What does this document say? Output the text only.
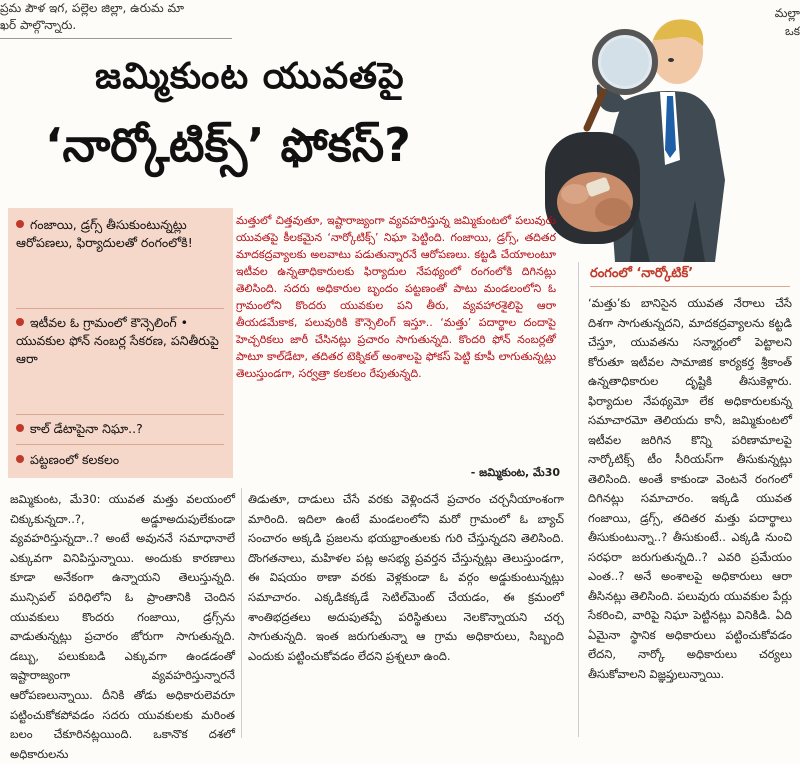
ప్రమ పౌళ ఇగ, పల్లెల జిల్లా, ఉరుమ మా
ఖర్ పాల్గొన్నారు.
మల్లా
ఒక
జమ్మికుంట యువతపై
‘నార్కోటిక్స్’ ఫోకస్?
గంజాయి, డ్రగ్స్ తీసుకుంటున్నట్లు ఆరోపణలు, ఫిర్యాదులతో రంగంలోకి!
ఇటీవల ఓ గ్రామంలో కౌన్సెలింగ్ • యువకుల ఫోన్ నంబర్ల సేకరణ, పనితీరుపై ఆరా
కాల్ డేటాపైనా నిఘా..?
పట్టణంలో కలకలం

మత్తులో చిత్తవుతూ, ఇష్టారాజ్యంగా వ్యవహరిస్తున్న జమ్మికుంటలో పలువురు యువతపై కీలకమైన ‘నార్కోటిక్స్’ నిఘా పెట్టింది. గంజాయి, డ్రగ్స్, తదితర మాదకద్రవ్యాలకు అలవాటు పడుతున్నారనే ఆరోపణలు. కట్టడి చేయాలంటూ ఇటీవల ఉన్నతాధికారులకు ఫిర్యాదుల నేపథ్యంలో రంగంలోకి దిగినట్లు తెలిసింది. సదరు అధికారుల బృందం పట్టణంతో పాటు మండలంలోని ఓ గ్రామంలోని కొందరు యువకుల పని తీరు, వ్యవహారశైలిపై ఆరా తీయడమేకాక, పలువురికి కౌన్సెలింగ్ ఇస్తూ.. ‘మత్తు’ పదార్థాల దందాపై హెచ్చరికలు జారీ చేసినట్లు ప్రచారం సాగుతున్నది. కొందరి ఫోన్ నంబర్లతో పాటూ కాల్‌డేటా, తదితర టెక్నికల్ అంశాలపై ఫోకస్ పెట్టి కూపీ లాగుతున్నట్లు తెలుస్తుండగా, సర్వత్రా కలకలం రేపుతున్నది.

- జమ్మికుంట, మే30
రంగంలో ‘నార్కోటిక్’

‘మత్తు’కు బానిసైన యువత నేరాలు చేసే దిశగా సాగుతున్నదని, మాదకద్రవ్యాలను కట్టడి చేస్తూ, యువతను సన్మార్గంలో పెట్టాలని కోరుతూ ఇటీవల సామాజిక కార్యకర్త శ్రీకాంత్ ఉన్నతాధికారుల దృష్టికి తీసుకెళ్లారు. ఫిర్యాదుల నేపథ్యమో లేక అధికారులకున్న సమాచారమో తెలియదు కానీ, జమ్మికుంటలో ఇటీవల జరిగిన కొన్ని పరిణామాలపై నార్కోటిక్స్ టీం సీరియస్‌గా తీసుకున్నట్లు తెలిసింది. అంతే కాకుండా వెంటనే రంగంలో దిగినట్లు సమాచారం. ఇక్కడి యువత గంజాయి, డ్రగ్స్, తదితర మత్తు పదార్థాలు తీసుకుంటున్నా..? తీసుకుంటే.. ఎక్కడి నుంచి సరఫరా జరుగుతున్నది..? ఎవరి ప్రమేయం ఎంత..? అనే అంశాలపై అధికారులు ఆరా తీసినట్లు తెలిసింది. పలువురు యువకుల పేర్లు సేకరించి, వారిపై నిఘా పెట్టినట్లు వినికిడి. ఏది ఏమైనా స్థానిక అధికారులు పట్టించుకోవడం లేదని, నార్కో అధికారులు చర్యలు తీసుకోవాలని విజ్ఞప్తులున్నాయి.

జమ్మికుంట, మే30: యువత మత్తు వలయంలో చిక్కుకున్నదా..?, అడ్డూఅదుపులేకుండా వ్యవహరిస్తున్నదా..? అంటే అవుననే సమాధానాలే ఎక్కువగా వినిపిస్తున్నాయి. అందుకు కారణాలు కూడా అనేకంగా ఉన్నాయని తెలుస్తున్నది. మున్సిపల్ పరిధిలోని ఓ ప్రాంతానికి చెందిన యువకులు కొందరు గంజాయి, డ్రగ్స్‌ను వాడుతున్నట్లు ప్రచారం జోరుగా సాగుతున్నది. డబ్బు, పలుకుబడి ఎక్కువగా ఉండడంతో ఇష్టారాజ్యంగా వ్యవహరిస్తున్నారనే ఆరోపణలున్నాయి. దీనికి తోడు అధికారులెవరూ పట్టించుకోకపోవడం సదరు యువకులకు మరింత బలం చేకూరినట్లయింది. ఒకానొక దశలో అధికారులను

తిడుతూ, దాడులు చేసే వరకు వెళ్లిందనే ప్రచారం చర్చనీయాంశంగా మారింది. ఇదిలా ఉంటే మండలంలోని మరో గ్రామంలో ఓ బ్యాచ్ సంచారం అక్కడి ప్రజలను భయభ్రాంతులకు గురి చేస్తున్నదని తెలిసింది. దొంగతనాలు, మహిళల పట్ల అసభ్య ప్రవర్తన చేస్తున్నట్లు తెలుస్తుండగా, ఈ విషయం ఠాణా వరకు వెళ్లకుండా ఓ వర్గం అడ్డుకుంటున్నట్లు సమాచారం. ఎక్కడికక్కడే సెటిల్‌మెంట్ చేయడం, ఈ క్రమంలో శాంతిభద్రతలు అదుపుతప్పే పరిస్థితులు నెలకొన్నాయని చర్చ సాగుతున్నది. ఇంత జరుగుతున్నా ఆ గ్రామ అధికారులు, సిబ్బంది ఎందుకు పట్టించుకోవడం లేదని ప్రశ్నలూ ఉంది.
